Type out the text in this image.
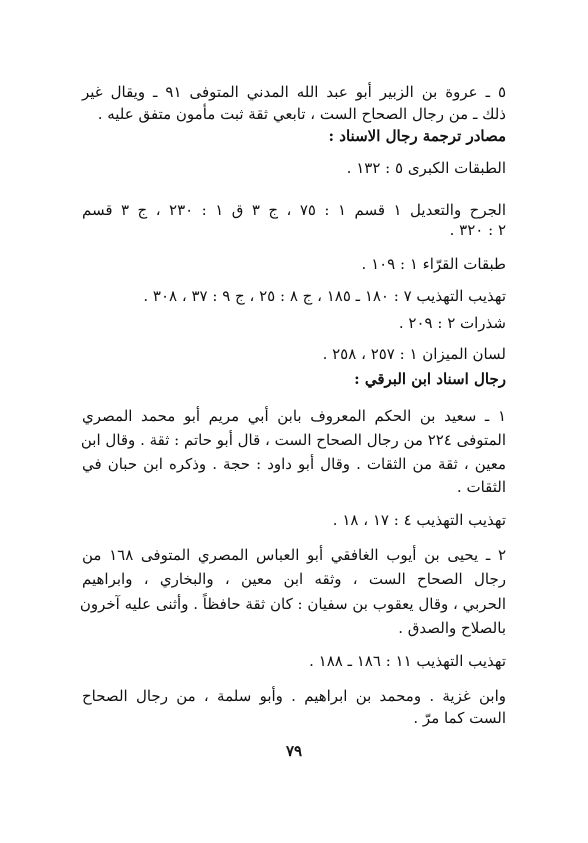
٥ ـ عروة بن الزبير أبو عبد الله المدني المتوفى ٩١ ـ ويقال غير
ذلك ـ من رجال الصحاح الست ، تابعي ثقة ثبت مأمون متفق عليه .
مصادر ترجمة رجال الاسناد :
الطبقات الكبرى ٥ : ١٣٢ .
الجرح والتعديل ١ قسم ١ : ٧٥ ، ج ٣ ق ١ : ٢٣٠ ، ج ٣ قسم
٢ : ٣٢٠ .
طبقات القرّاء ١ : ١٠٩ .
تهذيب التهذيب ٧ : ١٨٠ ـ ١٨٥ ، ج ٨ : ٢٥ ، ج ٩ : ٣٧ ، ٣٠٨ .
شذرات ٢ : ٢٠٩ .
لسان الميزان ١ : ٢٥٧ ، ٢٥٨ .
رجال اسناد ابن البرقي :
١ ـ سعيد بن الحكم المعروف بابن أبي مريم أبو محمد المصري
المتوفى ٢٢٤ من رجال الصحاح الست ، قال أبو حاتم : ثقة . وقال ابن
معين ، ثقة من الثقات . وقال أبو داود : حجة . وذكره ابن حبان في
الثقات .
تهذيب التهذيب ٤ : ١٧ ، ١٨ .
٢ ـ يحيى بن أيوب الغافقي أبو العباس المصري المتوفى ١٦٨ من
رجال الصحاح الست ، وثقه ابن معين ، والبخاري ، وابراهيم
الحربي ، وقال يعقوب بن سفيان : كان ثقة حافظاً . وأثنى عليه آخرون
بالصلاح والصدق .
تهذيب التهذيب ١١ : ١٨٦ ـ ١٨٨ .
وابن غزية . ومحمد بن ابراهيم . وأبو سلمة ، من رجال الصحاح
الست كما مرّ .
٧٩
